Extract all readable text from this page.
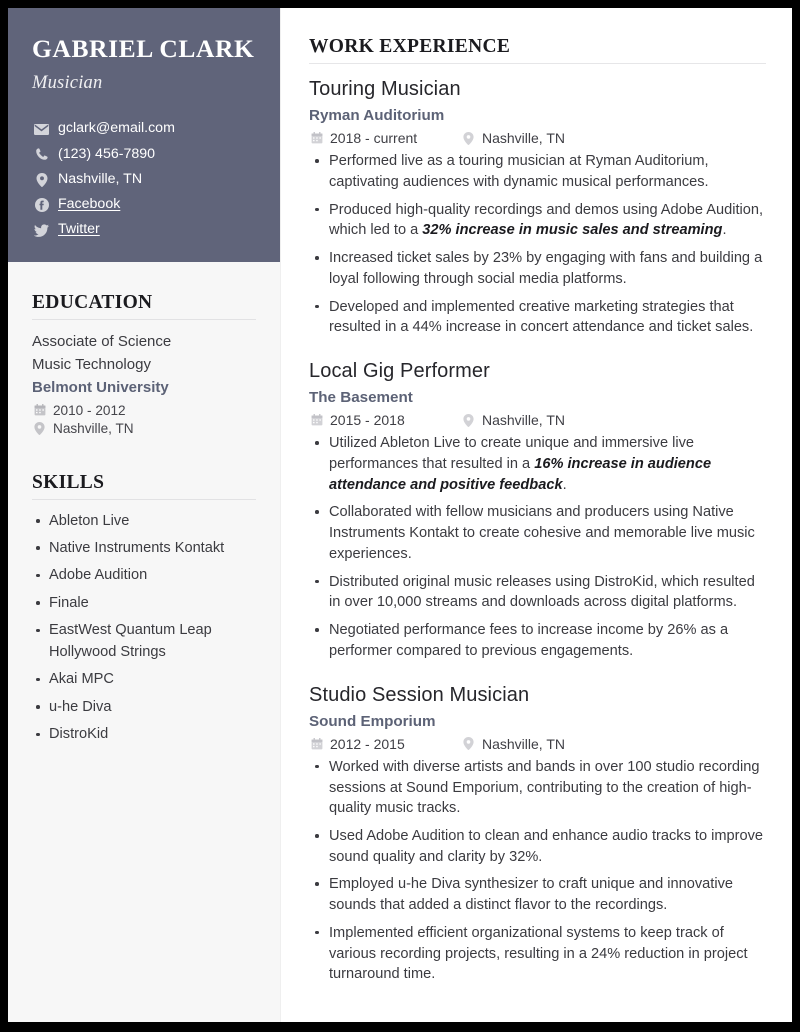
GABRIEL CLARK
Musician
gclark@email.com
(123) 456-7890
Nashville, TN
Facebook
Twitter
EDUCATION
Associate of Science
Music Technology
Belmont University
2010 - 2012
Nashville, TN
SKILLS
Ableton Live
Native Instruments Kontakt
Adobe Audition
Finale
EastWest Quantum Leap Hollywood Strings
Akai MPC
u-he Diva
DistroKid
WORK EXPERIENCE
Touring Musician
Ryman Auditorium
2018 - current	Nashville, TN
Performed live as a touring musician at Ryman Auditorium, captivating audiences with dynamic musical performances.
Produced high-quality recordings and demos using Adobe Audition, which led to a 32% increase in music sales and streaming.
Increased ticket sales by 23% by engaging with fans and building a loyal following through social media platforms.
Developed and implemented creative marketing strategies that resulted in a 44% increase in concert attendance and ticket sales.
Local Gig Performer
The Basement
2015 - 2018	Nashville, TN
Utilized Ableton Live to create unique and immersive live performances that resulted in a 16% increase in audience attendance and positive feedback.
Collaborated with fellow musicians and producers using Native Instruments Kontakt to create cohesive and memorable live music experiences.
Distributed original music releases using DistroKid, which resulted in over 10,000 streams and downloads across digital platforms.
Negotiated performance fees to increase income by 26% as a performer compared to previous engagements.
Studio Session Musician
Sound Emporium
2012 - 2015	Nashville, TN
Worked with diverse artists and bands in over 100 studio recording sessions at Sound Emporium, contributing to the creation of high-quality music tracks.
Used Adobe Audition to clean and enhance audio tracks to improve sound quality and clarity by 32%.
Employed u-he Diva synthesizer to craft unique and innovative sounds that added a distinct flavor to the recordings.
Implemented efficient organizational systems to keep track of various recording projects, resulting in a 24% reduction in project turnaround time.
